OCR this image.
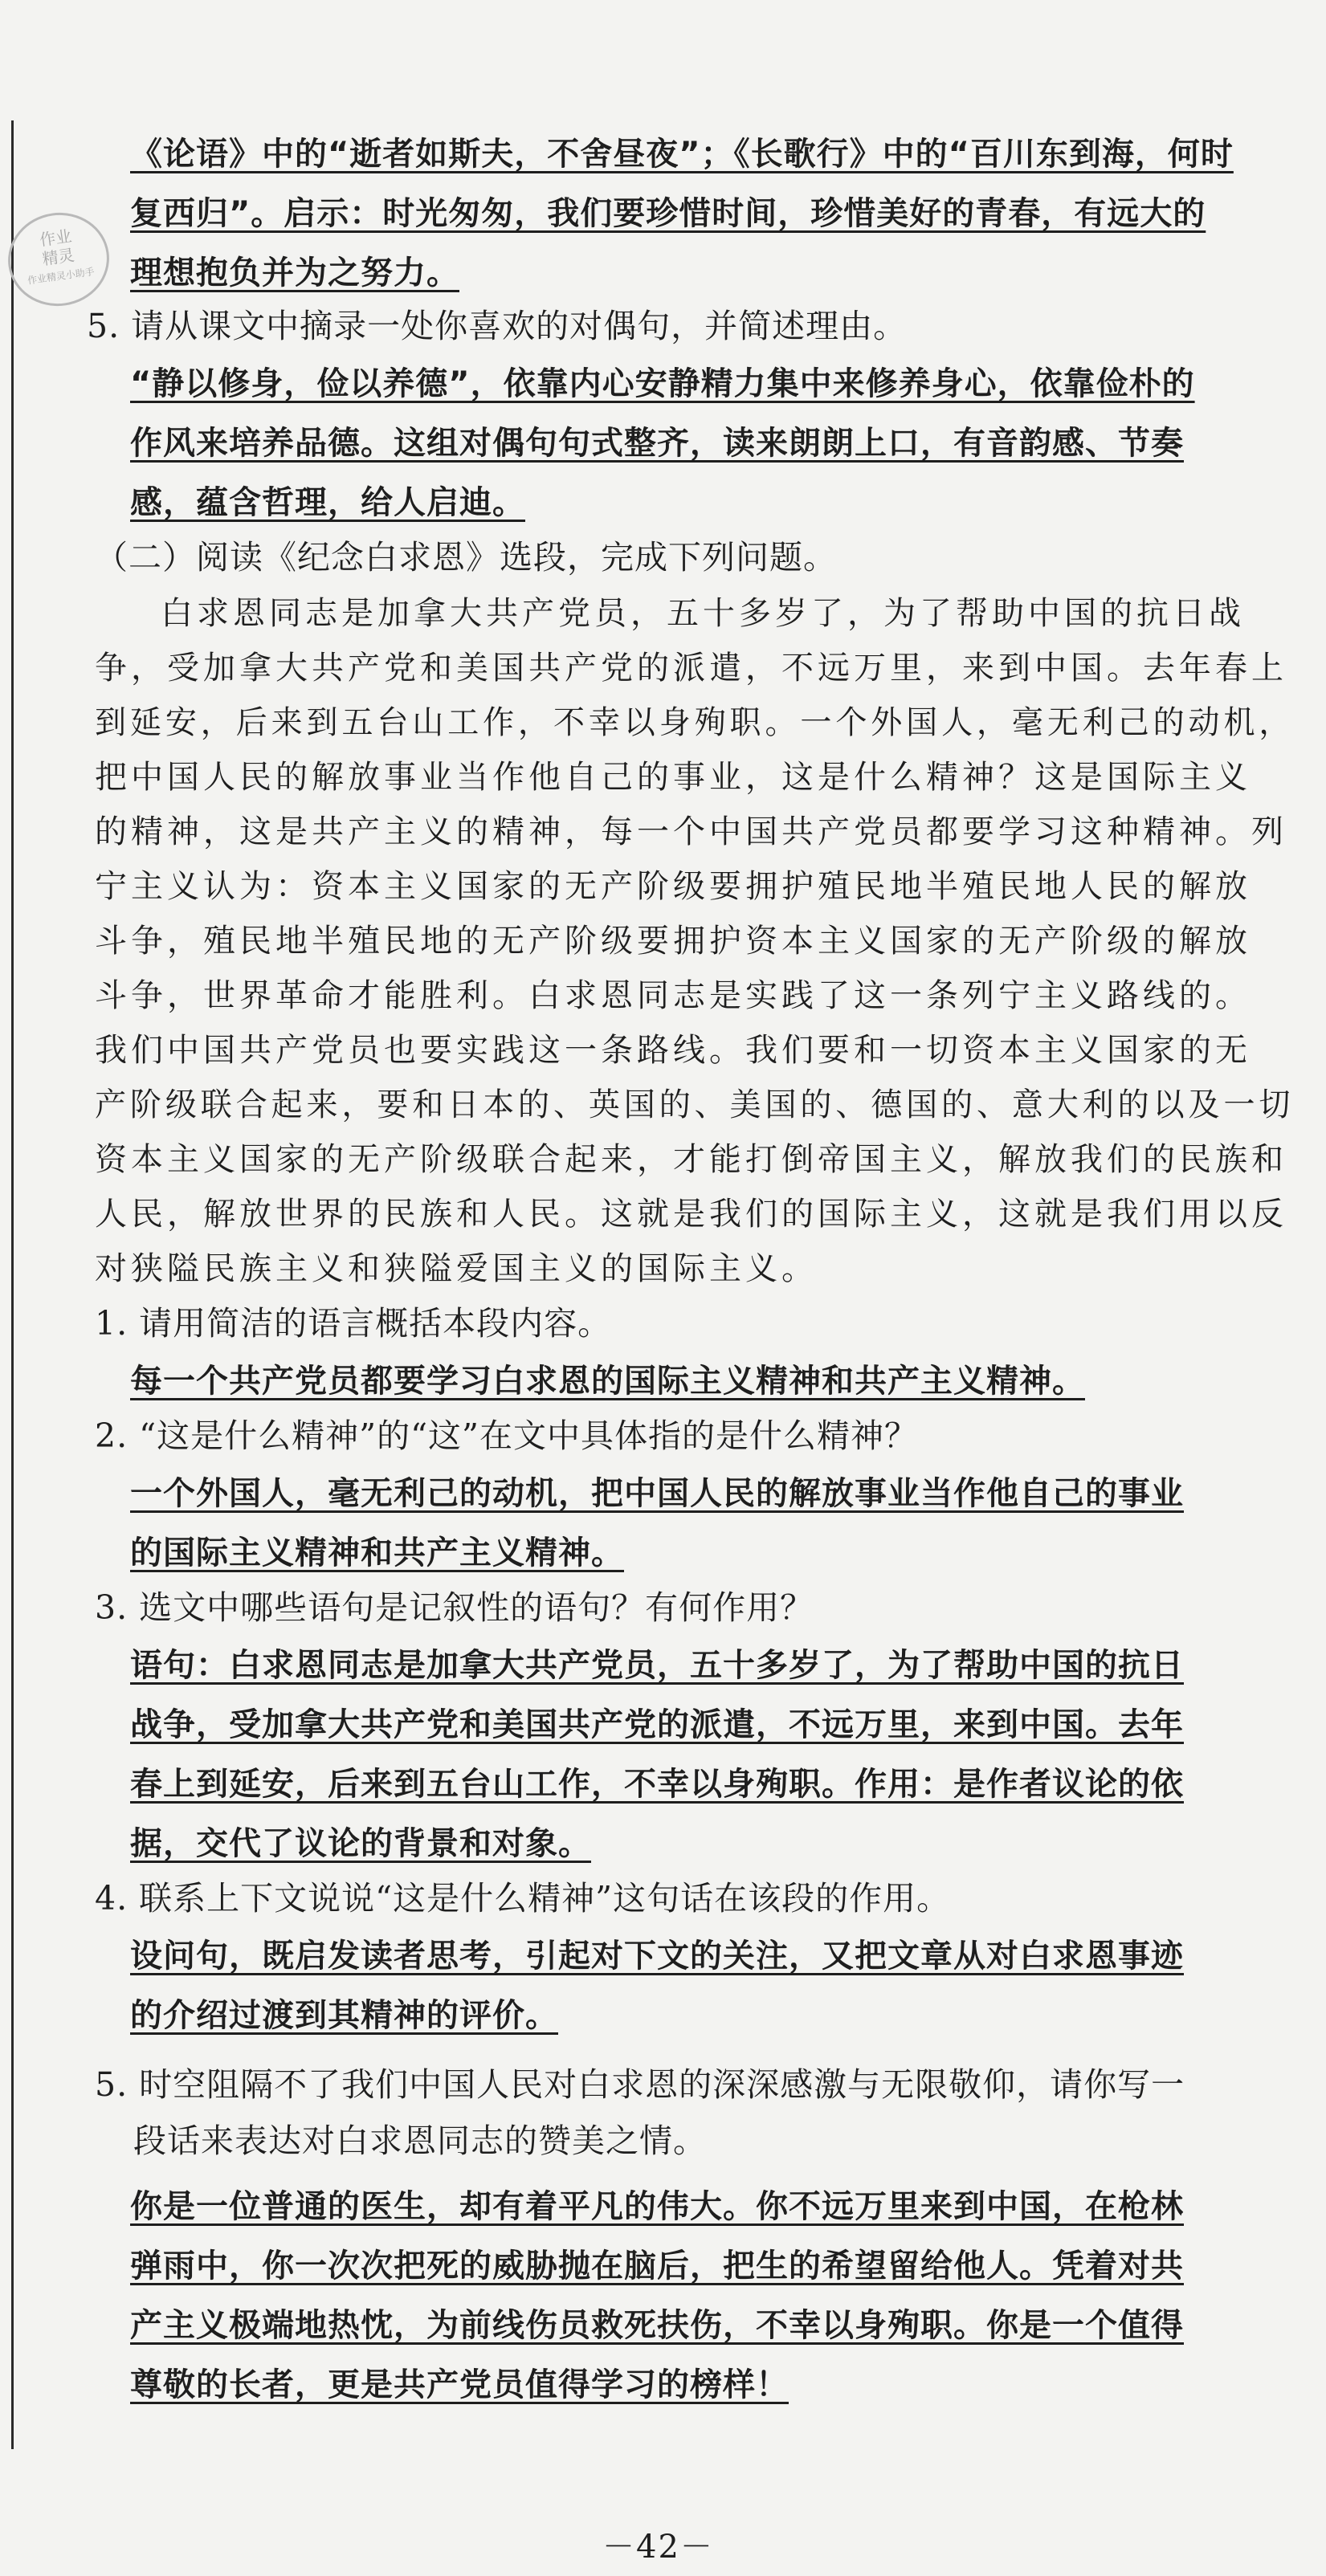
作业
精灵
作业精灵小助手
《论语》中的“逝者如斯夫，不舍昼夜”；《长歌行》中的“百川东到海，何时
复西归”。启示：时光匆匆，我们要珍惜时间，珍惜美好的青春，有远大的
理想抱负并为之努力。
5. 请从课文中摘录一处你喜欢的对偶句，并简述理由。
“静以修身，俭以养德”，依靠内心安静精力集中来修养身心，依靠俭朴的
作风来培养品德。这组对偶句句式整齐，读来朗朗上口，有音韵感、节奏
感，蕴含哲理，给人启迪。
（二）阅读《纪念白求恩》选段，完成下列问题。
白求恩同志是加拿大共产党员，五十多岁了，为了帮助中国的抗日战
争，受加拿大共产党和美国共产党的派遣，不远万里，来到中国。去年春上
到延安，后来到五台山工作，不幸以身殉职。一个外国人，毫无利己的动机，
把中国人民的解放事业当作他自己的事业，这是什么精神？这是国际主义
的精神，这是共产主义的精神，每一个中国共产党员都要学习这种精神。列
宁主义认为：资本主义国家的无产阶级要拥护殖民地半殖民地人民的解放
斗争，殖民地半殖民地的无产阶级要拥护资本主义国家的无产阶级的解放
斗争，世界革命才能胜利。白求恩同志是实践了这一条列宁主义路线的。
我们中国共产党员也要实践这一条路线。我们要和一切资本主义国家的无
产阶级联合起来，要和日本的、英国的、美国的、德国的、意大利的以及一切
资本主义国家的无产阶级联合起来，才能打倒帝国主义，解放我们的民族和
人民，解放世界的民族和人民。这就是我们的国际主义，这就是我们用以反
对狭隘民族主义和狭隘爱国主义的国际主义。
1. 请用简洁的语言概括本段内容。
每一个共产党员都要学习白求恩的国际主义精神和共产主义精神。
2. “这是什么精神”的“这”在文中具体指的是什么精神？
一个外国人，毫无利己的动机，把中国人民的解放事业当作他自己的事业
的国际主义精神和共产主义精神。
3. 选文中哪些语句是记叙性的语句？有何作用？
语句：白求恩同志是加拿大共产党员，五十多岁了，为了帮助中国的抗日
战争，受加拿大共产党和美国共产党的派遣，不远万里，来到中国。去年
春上到延安，后来到五台山工作，不幸以身殉职。作用：是作者议论的依
据，交代了议论的背景和对象。
4. 联系上下文说说“这是什么精神”这句话在该段的作用。
设问句，既启发读者思考，引起对下文的关注，又把文章从对白求恩事迹
的介绍过渡到其精神的评价。
5. 时空阻隔不了我们中国人民对白求恩的深深感激与无限敬仰，请你写一
段话来表达对白求恩同志的赞美之情。
你是一位普通的医生，却有着平凡的伟大。你不远万里来到中国，在枪林
弹雨中，你一次次把死的威胁抛在脑后，把生的希望留给他人。凭着对共
产主义极端地热忱，为前线伤员救死扶伤，不幸以身殉职。你是一个值得
尊敬的长者，更是共产党员值得学习的榜样！
－42－
